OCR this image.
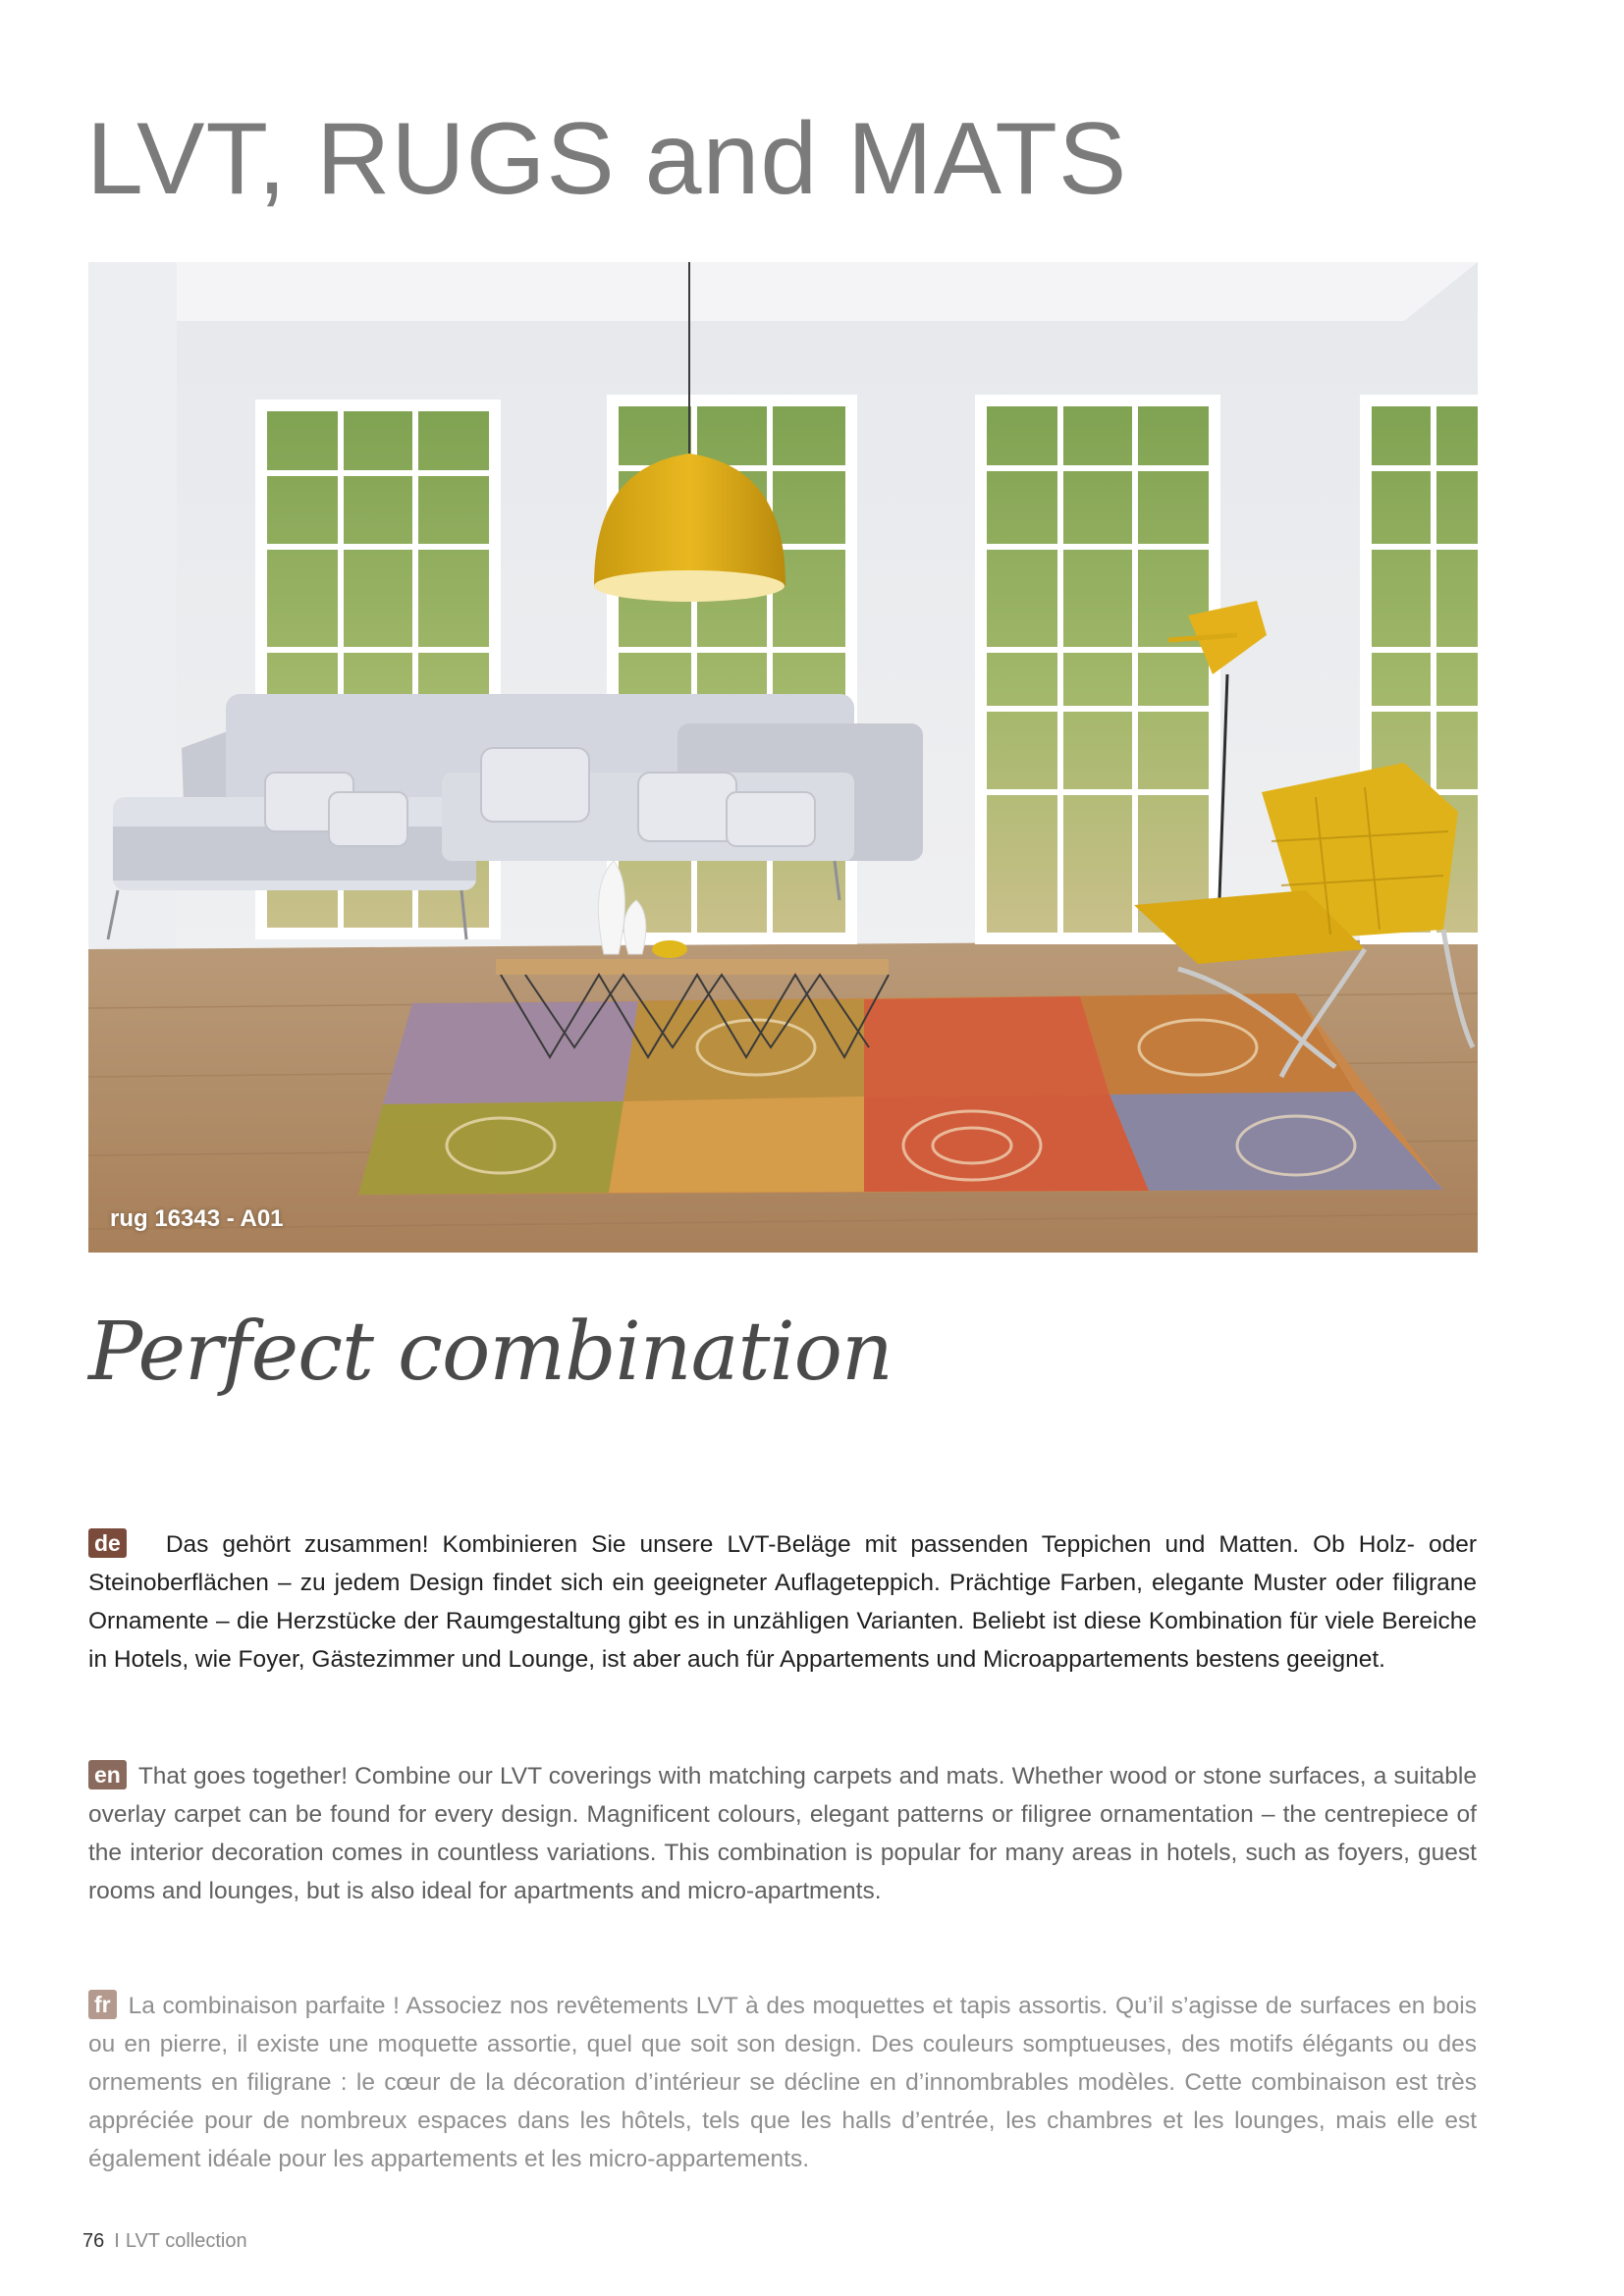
LVT, RUGS and MATS
rug 16343 - A01
Perfect combination

de Das gehört zusammen! Kombinieren Sie unsere LVT-Beläge mit passenden Teppichen und Matten. Ob Holz- oder Steinoberflächen – zu jedem Design findet sich ein geeigneter Auflageteppich. Prächtige Farben, elegante Muster oder filigrane Ornamente – die Herzstücke der Raumgestaltung gibt es in unzähligen Varianten. Beliebt ist diese Kombination für viele Bereiche in Hotels, wie Foyer, Gästezimmer und Lounge, ist aber auch für Appartements und Microappartements bestens geeignet.

en That goes together! Combine our LVT coverings with matching carpets and mats. Whether wood or stone surfaces, a suitable overlay carpet can be found for every design. Magnificent colours, elegant patterns or filigree ornamentation – the centrepiece of the interior decoration comes in countless variations. This combination is popular for many areas in hotels, such as foyers, guest rooms and lounges, but is also ideal for apartments and micro-apartments.

fr La combinaison parfaite ! Associez nos revêtements LVT à des moquettes et tapis assortis. Qu’il s’agisse de surfaces en bois ou en pierre, il existe une moquette assortie, quel que soit son design. Des couleurs somptueuses, des motifs élégants ou des ornements en filigrane : le cœur de la décoration d’intérieur se décline en d’innombrables modèles. Cette combinaison est très appréciée pour de nombreux espaces dans les hôtels, tels que les halls d’entrée, les chambres et les lounges, mais elle est également idéale pour les appartements et les micro-appartements.

76 I LVT collection
